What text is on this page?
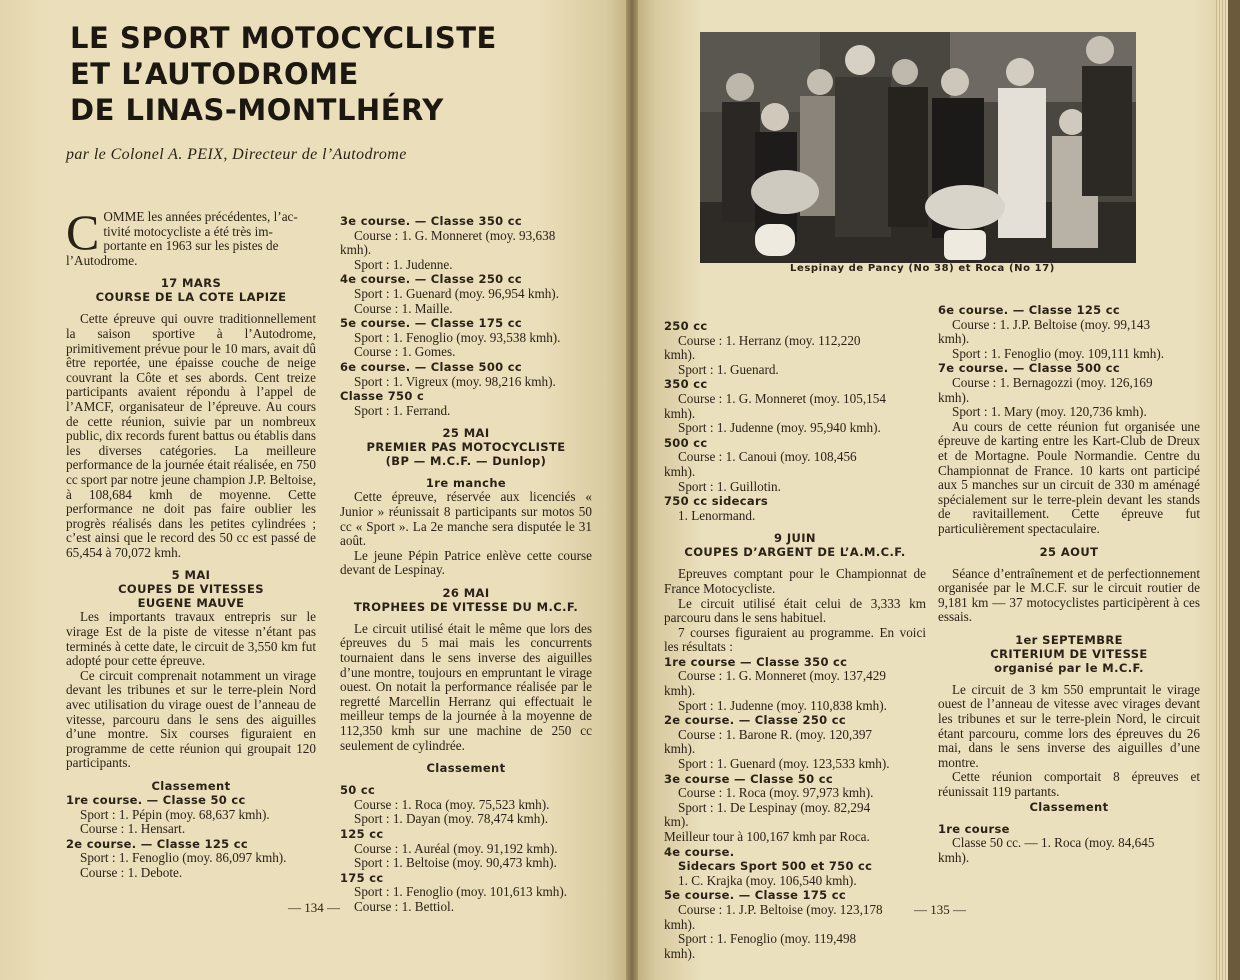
LE SPORT MOTOCYCLISTE
ET L’AUTODROME
DE LINAS-MONTLHÉRY
par le Colonel A. PEIX, Directeur de l’Autodrome
C OMME les années précédentes, l’ac-
tivité motocycliste a été très im-
portante en 1963 sur les pistes de
l’Autodrome.
17 MARS
COURSE DE LA COTE LAPIZE

Cette épreuve qui ouvre traditionnellement la saison sportive à l’Autodrome, primitivement prévue pour le 10 mars, avait dû être reportée, une épaisse couche de neige couvrant la Côte et ses abords. Cent treize participants avaient répondu à l’appel de l’AMCF, organisateur de l’épreuve. Au cours de cette réunion, suivie par un nombreux public, dix records furent battus ou établis dans les diverses catégories. La meilleure performance de la journée était réalisée, en 750 cc sport par notre jeune champion J.P. Beltoise, à 108,684 kmh de moyenne. Cette performance ne doit pas faire oublier les progrès réalisés dans les petites cylindrées ; c’est ainsi que le record des 50 cc est passé de 65,454 à 70,072 kmh.

5 MAI
COUPES DE VITESSES
EUGENE MAUVE

Les importants travaux entrepris sur le virage Est de la piste de vitesse n’étant pas terminés à cette date, le circuit de 3,550 km fut adopté pour cette épreuve.

Ce circuit comprenait notamment un virage devant les tribunes et sur le terre-plein Nord avec utilisation du virage ouest de l’anneau de vitesse, parcouru dans le sens des aiguilles d’une montre. Six courses figuraient en programme de cette réunion qui groupait 120 participants.

Classement
1re course. — Classe 50 cc
Sport : 1. Pépin (moy. 68,637 kmh).
Course : 1. Hensart.
2e course. — Classe 125 cc
Sport : 1. Fenoglio (moy. 86,097 kmh).
Course : 1. Debote.
3e course. — Classe 350 cc
Course : 1. G. Monneret (moy. 93,638
kmh).
Sport : 1. Judenne.
4e course. — Classe 250 cc
Sport : 1. Guenard (moy. 96,954 kmh).
Course : 1. Maille.
5e course. — Classe 175 cc
Sport : 1. Fenoglio (moy. 93,538 kmh).
Course : 1. Gomes.
6e course. — Classe 500 cc
Sport : 1. Vigreux (moy. 98,216 kmh).
Classe 750 c
Sport : 1. Ferrand.
25 MAI
PREMIER PAS MOTOCYCLISTE
(BP — M.C.F. — Dunlop)
1re manche

Cette épreuve, réservée aux licenciés « Junior » réunissait 8 participants sur motos 50 cc « Sport ». La 2e manche sera disputée le 31 août.

Le jeune Pépin Patrice enlève cette course devant de Lespinay.

26 MAI
TROPHEES DE VITESSE DU M.C.F.

Le circuit utilisé était le même que lors des épreuves du 5 mai mais les concurrents tournaient dans le sens inverse des aiguilles d’une montre, toujours en empruntant le virage ouest. On notait la performance réalisée par le regretté Marcellin Herranz qui effectuait le meilleur temps de la journée à la moyenne de 112,350 kmh sur une machine de 250 cc seulement de cylindrée.

Classement
50 cc
Course : 1. Roca (moy. 75,523 kmh).
Sport : 1. Dayan (moy. 78,474 kmh).
125 cc
Course : 1. Auréal (moy. 91,192 kmh).
Sport : 1. Beltoise (moy. 90,473 kmh).
175 cc
Sport : 1. Fenoglio (moy. 101,613 kmh).
Course : 1. Bettiol.
— 134 —
Lespinay de Pancy (No 38) et Roca (No 17)
250 cc
Course : 1. Herranz (moy. 112,220
kmh).
Sport : 1. Guenard.
350 cc
Course : 1. G. Monneret (moy. 105,154
kmh).
Sport : 1. Judenne (moy. 95,940 kmh).
500 cc
Course : 1. Canoui (moy. 108,456
kmh).
Sport : 1. Guillotin.
750 cc sidecars
1. Lenormand.
9 JUIN
COUPES D’ARGENT DE L’A.M.C.F.

Epreuves comptant pour le Championnat de France Motocycliste.

Le circuit utilisé était celui de 3,333 km parcouru dans le sens habituel.

7 courses figuraient au programme. En voici les résultats :

1re course — Classe 350 cc
Course : 1. G. Monneret (moy. 137,429
kmh).
Sport : 1. Judenne (moy. 110,838 kmh).
2e course. — Classe 250 cc
Course : 1. Barone R. (moy. 120,397
kmh).
Sport : 1. Guenard (moy. 123,533 kmh).
3e course — Classe 50 cc
Course : 1. Roca (moy. 97,973 kmh).
Sport : 1. De Lespinay (moy. 82,294
km).
Meilleur tour à 100,167 kmh par Roca.
4e course.
Sidecars Sport 500 et 750 cc
1. C. Krajka (moy. 106,540 kmh).
5e course. — Classe 175 cc
Course : 1. J.P. Beltoise (moy. 123,178
kmh).
Sport : 1. Fenoglio (moy. 119,498
kmh).
6e course. — Classe 125 cc
Course : 1. J.P. Beltoise (moy. 99,143
kmh).
Sport : 1. Fenoglio (moy. 109,111 kmh).
7e course. — Classe 500 cc
Course : 1. Bernagozzi (moy. 126,169
kmh).
Sport : 1. Mary (moy. 120,736 kmh).

Au cours de cette réunion fut organisée une épreuve de karting entre les Kart-Club de Dreux et de Mortagne. Poule Normandie. Centre du Championnat de France. 10 karts ont participé aux 5 manches sur un circuit de 330 m aménagé spécialement sur le terre-plein devant les stands de ravitaillement. Cette épreuve fut particulièrement spectaculaire.

25 AOUT

Séance d’entraînement et de perfectionnement organisée par le M.C.F. sur le circuit routier de 9,181 km — 37 motocyclistes participèrent à ces essais.

1er SEPTEMBRE
CRITERIUM DE VITESSE
organisé par le M.C.F.

Le circuit de 3 km 550 empruntait le virage ouest de l’anneau de vitesse avec virages devant les tribunes et sur le terre-plein Nord, le circuit étant parcouru, comme lors des épreuves du 26 mai, dans le sens inverse des aiguilles d’une montre.

Cette réunion comportait 8 épreuves et réunissait 119 partants.

Classement
1re course
Classe 50 cc. — 1. Roca (moy. 84,645
kmh).
— 135 —
